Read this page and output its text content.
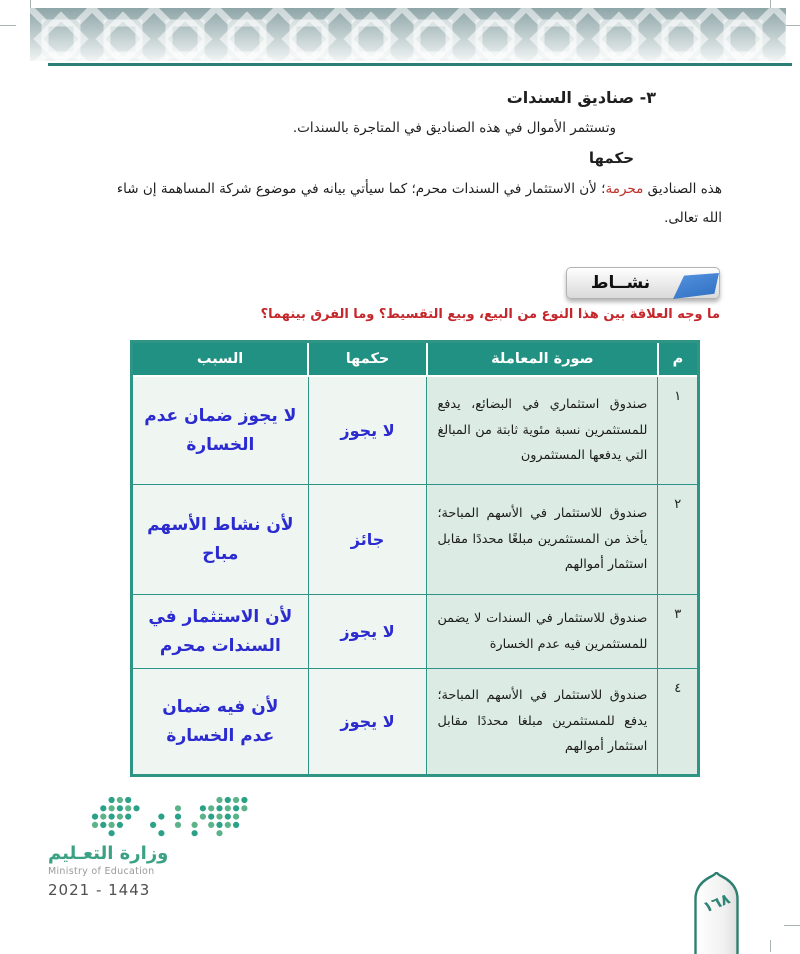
٣- صناديق السندات
وتستثمر الأموال في هذه الصناديق في المتاجرة بالسندات.
حكمها
هذه الصناديق محرمة؛ لأن الاستثمار في السندات محرم؛ كما سيأتي بيانه في موضوع شركة المساهمة إن شاء الله تعالى.
نشــاط
ما وجه العلاقة بين هذا النوع من البيع، وبيع التقسيط؟ وما الفرق بينهما؟
م	صورة المعاملة	حكمها	السبب
١	صندوق استثماري في البضائع، يدفع للمستثمرين نسبة مئوية ثابتة من المبالغ التي يدفعها المستثمرون	لا يجوز	لا يجوز ضمان عدم الخسارة
٢	صندوق للاستثمار في الأسهم المباحة؛ يأخذ من المستثمرين مبلغًا محددًا مقابل استثمار أموالهم	جائز	لأن نشاط الأسهم مباح
٣	صندوق للاستثمار في السندات لا يضمن للمستثمرين فيه عدم الخسارة	لا يجوز	لأن الاستثمار في السندات محرم
٤	صندوق للاستثمار في الأسهم المباحة؛ يدفع للمستثمرين مبلغا محددًا مقابل استثمار أموالهم	لا يجوز	لأن فيه ضمان عدم الخسارة
وزارة التعـليم
Ministry of Education
2021 - 1443	١٦٨
